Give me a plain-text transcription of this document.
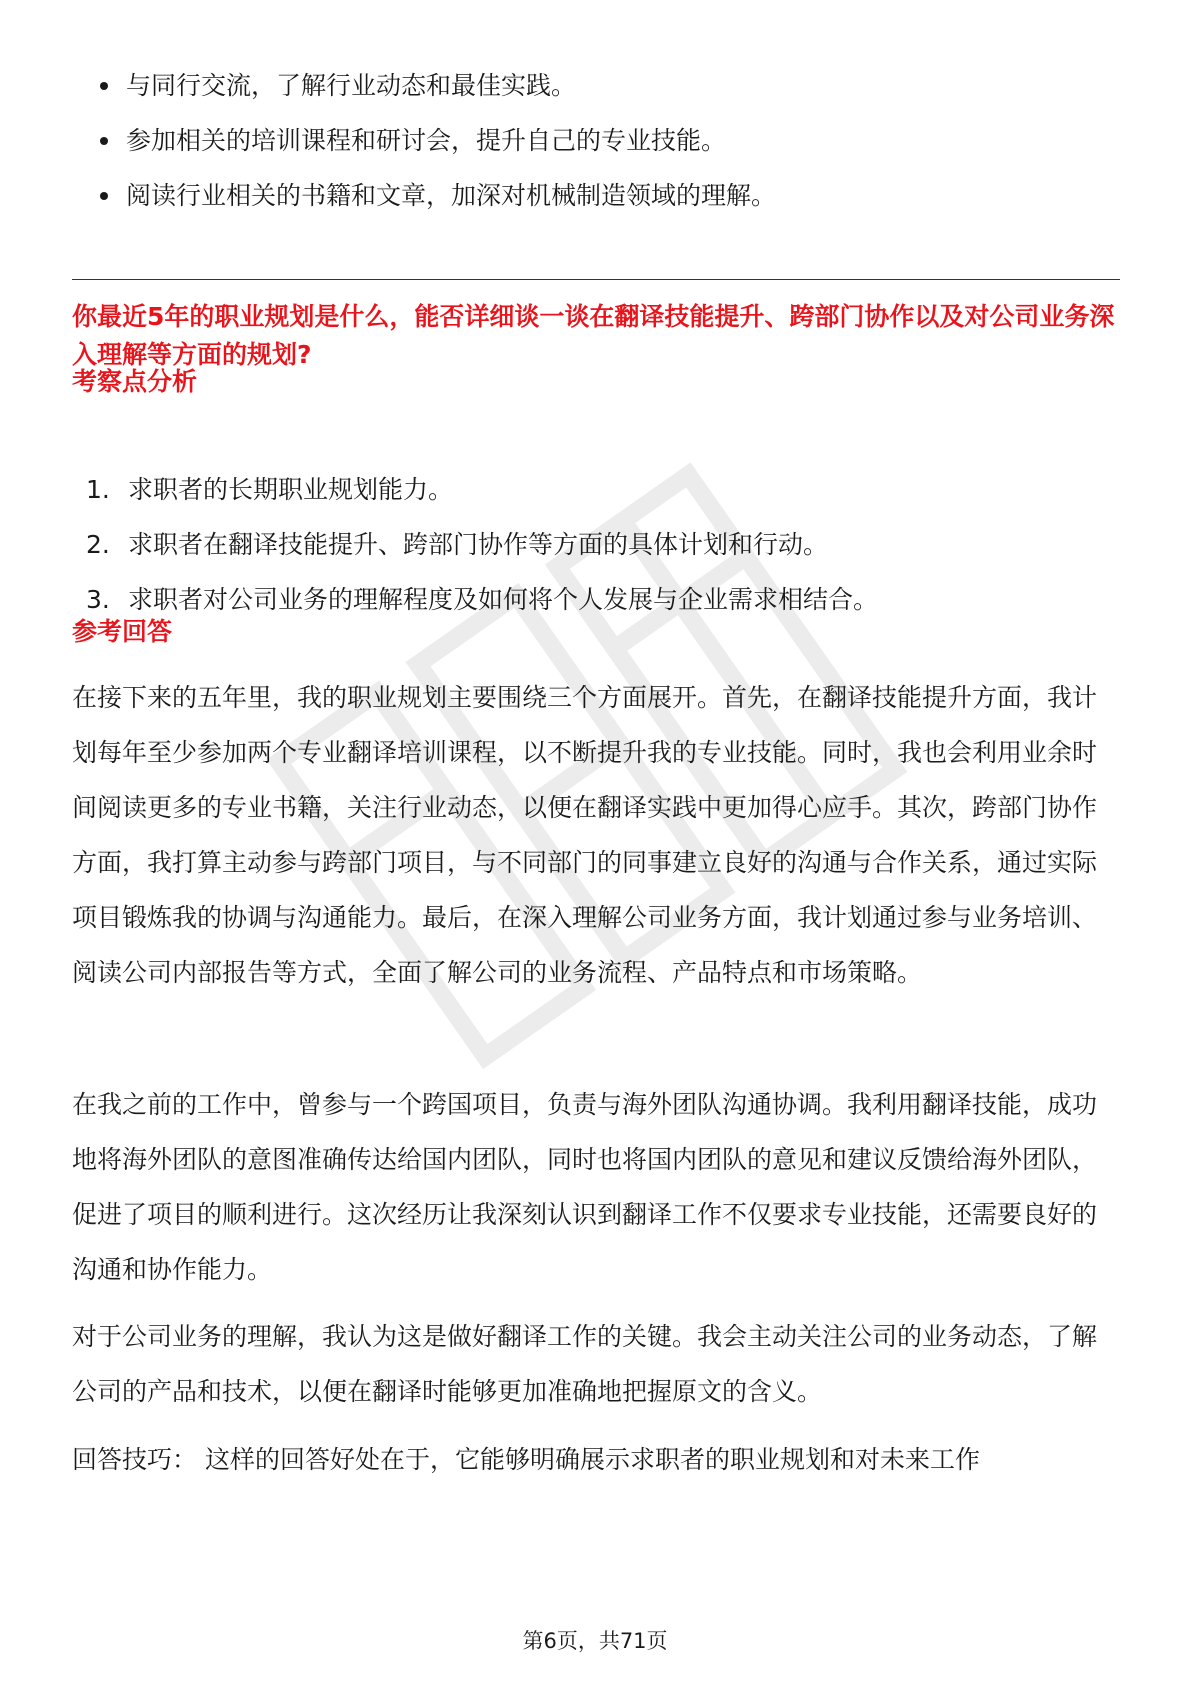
与同行交流，了解行业动态和最佳实践。
参加相关的培训课程和研讨会，提升自己的专业技能。
阅读行业相关的书籍和文章，加深对机械制造领域的理解。
你最近5年的职业规划是什么，能否详细谈一谈在翻译技能提升、跨部门协作以及对公司业务深入理解等方面的规划?
考察点分析
1. 求职者的长期职业规划能力。
2. 求职者在翻译技能提升、跨部门协作等方面的具体计划和行动。
3. 求职者对公司业务的理解程度及如何将个人发展与企业需求相结合。
参考回答

在接下来的五年里，我的职业规划主要围绕三个方面展开。首先，在翻译技能提升方面，我计划每年至少参加两个专业翻译培训课程，以不断提升我的专业技能。同时，我也会利用业余时间阅读更多的专业书籍，关注行业动态，以便在翻译实践中更加得心应手。其次，跨部门协作方面，我打算主动参与跨部门项目，与不同部门的同事建立良好的沟通与合作关系，通过实际项目锻炼我的协调与沟通能力。最后，在深入理解公司业务方面，我计划通过参与业务培训、阅读公司内部报告等方式，全面了解公司的业务流程、产品特点和市场策略。

在我之前的工作中，曾参与一个跨国项目，负责与海外团队沟通协调。我利用翻译技能，成功地将海外团队的意图准确传达给国内团队，同时也将国内团队的意见和建议反馈给海外团队，促进了项目的顺利进行。这次经历让我深刻认识到翻译工作不仅要求专业技能，还需要良好的沟通和协作能力。

对于公司业务的理解，我认为这是做好翻译工作的关键。我会主动关注公司的业务动态，了解公司的产品和技术，以便在翻译时能够更加准确地把握原文的含义。

回答技巧： 这样的回答好处在于，它能够明确展示求职者的职业规划和对未来工作

第6页，共71页
